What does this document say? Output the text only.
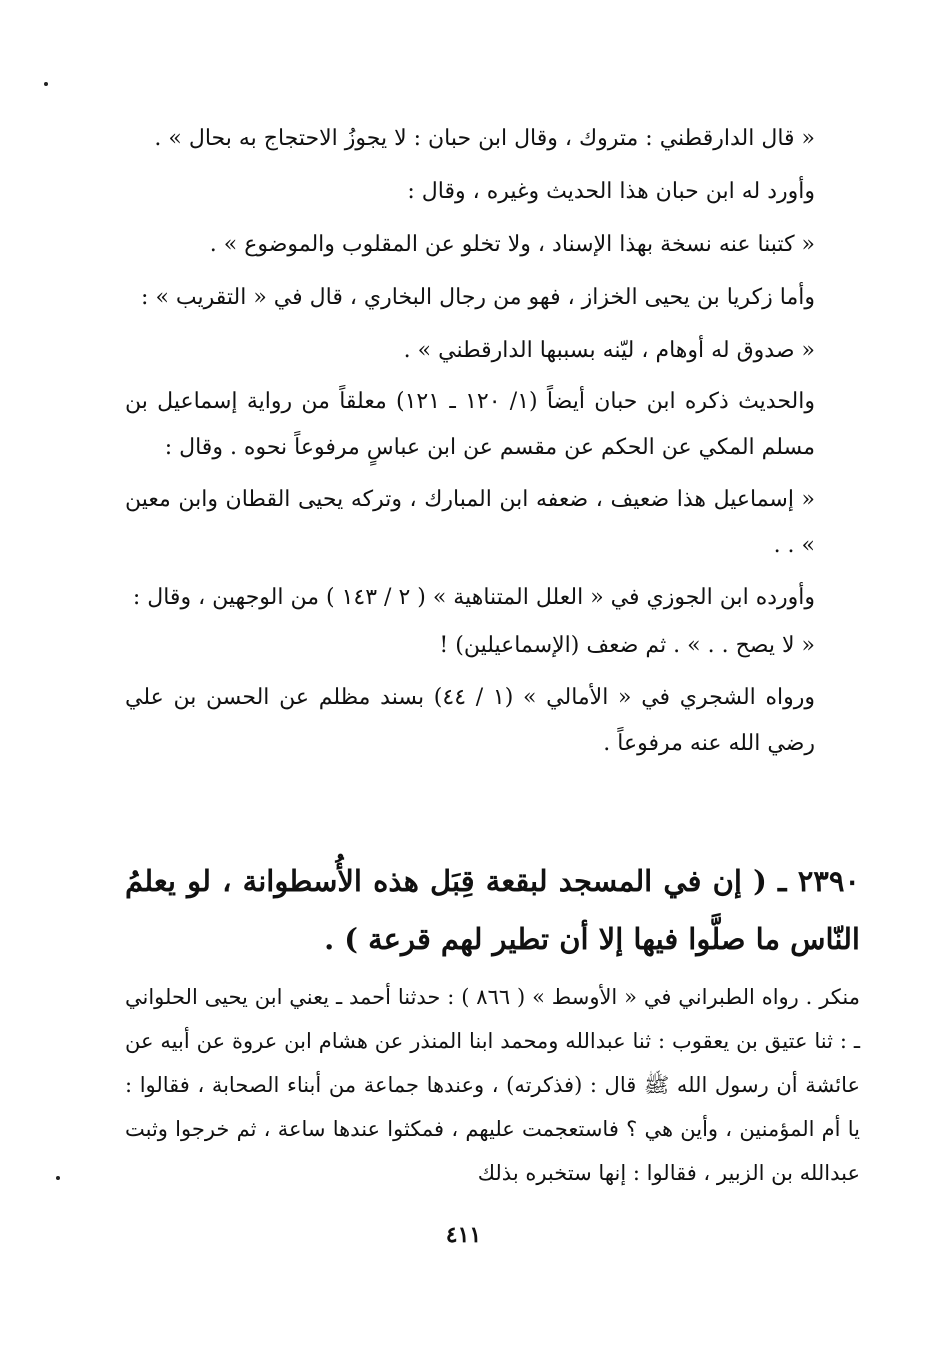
« قال الدارقطني : متروك ، وقال ابن حبان : لا يجوزُ الاحتجاج به بحال » .

وأورد له ابن حبان هذا الحديث وغيره ، وقال :

« كتبنا عنه نسخة بهذا الإسناد ، ولا تخلو عن المقلوب والموضوع » .

وأما زكريا بن يحيى الخزاز ، فهو من رجال البخاري ، قال في « التقريب » :

« صدوق له أوهام ، ليّنه بسببها الدارقطني » .

والحديث ذكره ابن حبان أيضاً (١/ ١٢٠ ـ ١٢١) معلقاً من رواية إسماعيل بن مسلم المكي عن الحكم عن مقسم عن ابن عباسٍ مرفوعاً نحوه . وقال :

« إسماعيل هذا ضعيف ، ضعفه ابن المبارك ، وتركه يحيى القطان وابن معين » . .

وأورده ابن الجوزي في « العلل المتناهية » ( ٢ / ١٤٣ ) من الوجهين ، وقال :

« لا يصح . . » . ثم ضعف (الإسماعيلين) !

ورواه الشجري في « الأمالي » (١ / ٤٤) بسند مظلم عن الحسن بن علي رضي الله عنه مرفوعاً .

٢٣٩٠ ـ ( إن في المسجد لبقعة قِبَل هذه الأُسطوانة ، لو يعلمُ النّاس ما صلَّوا فيها إلا أن تطير لهم قرعة ) .

منكر . رواه الطبراني في « الأوسط » ( ٨٦٦ ) : حدثنا أحمد ـ يعني ابن يحيى الحلواني ـ : ثنا عتيق بن يعقوب : ثنا عبدالله ومحمد ابنا المنذر عن هشام ابن عروة عن أبيه عن عائشة أن رسول الله ﷺ قال : (فذكرته) ، وعندها جماعة من أبناء الصحابة ، فقالوا : يا أم المؤمنين ، وأين هي ؟ فاستعجمت عليهم ، فمكثوا عندها ساعة ، ثم خرجوا وثبت عبدالله بن الزبير ، فقالوا : إنها ستخبره بذلك

٤١١
